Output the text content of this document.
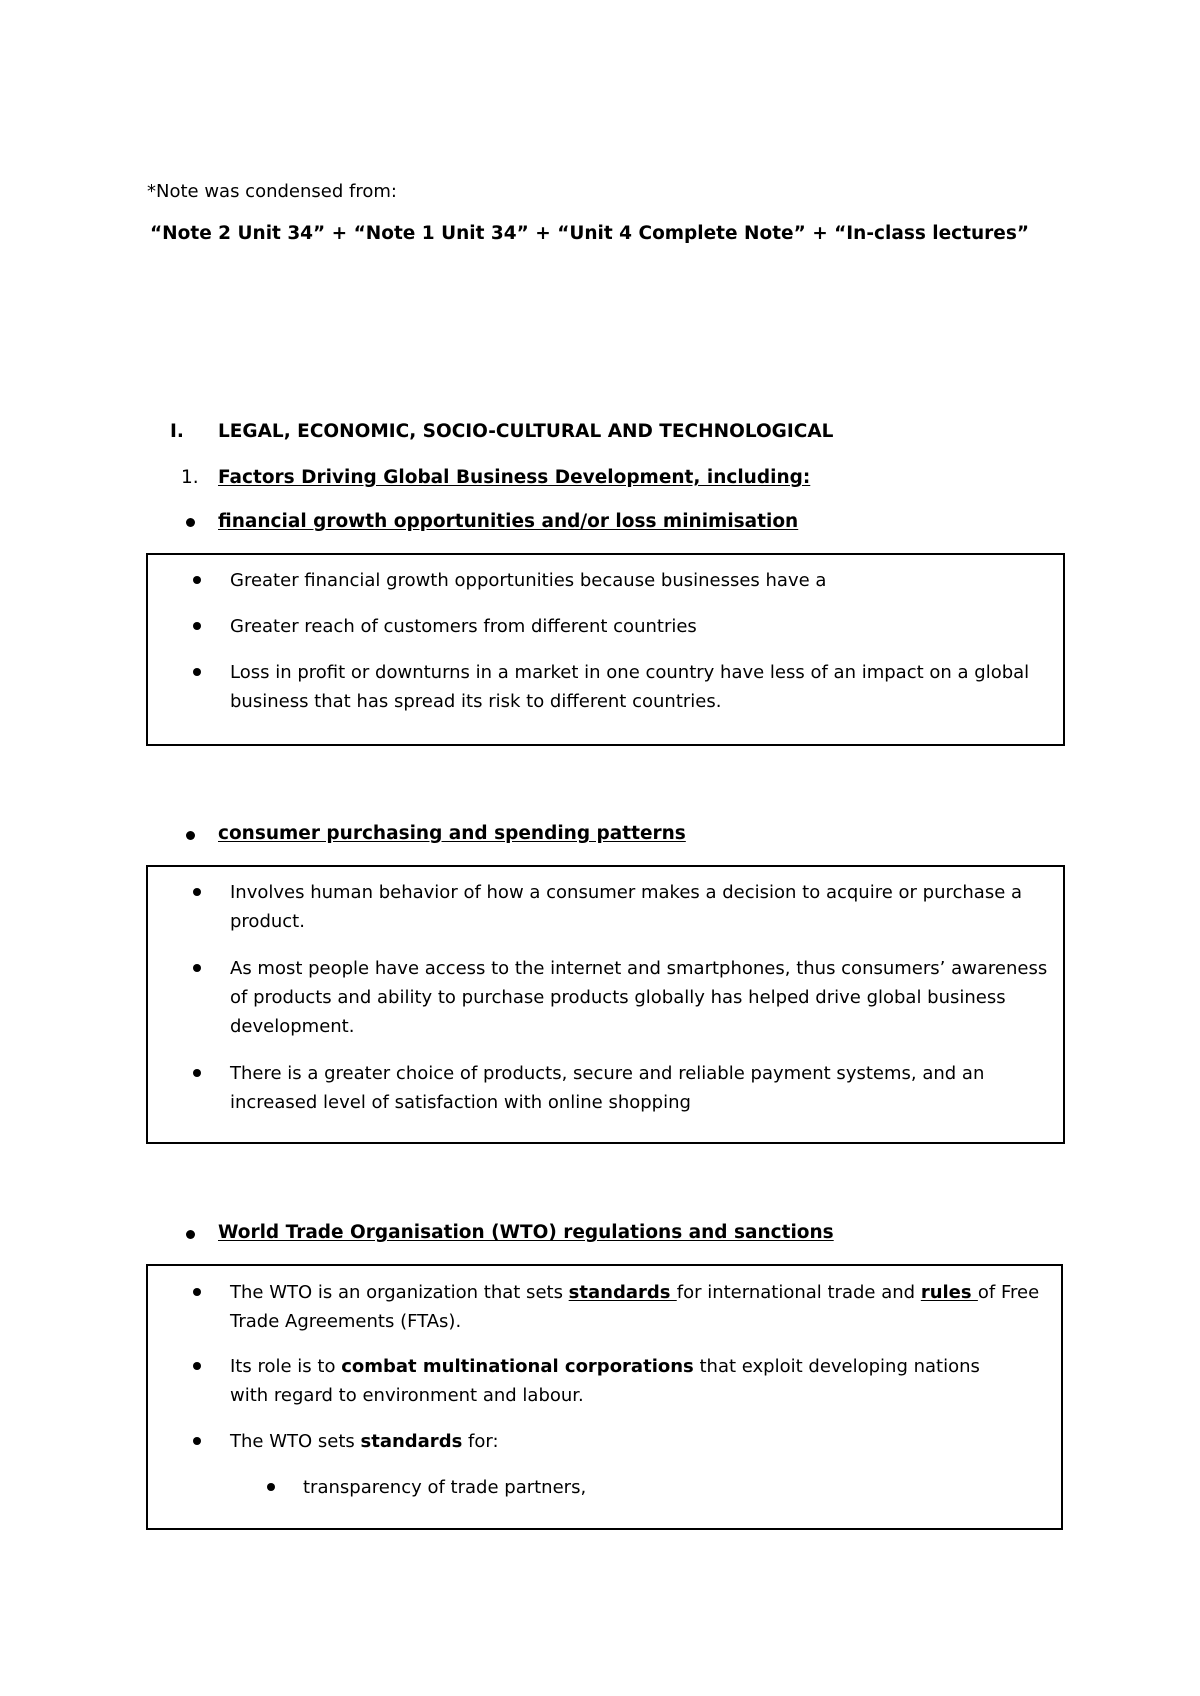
*Note was condensed from:
“Note 2 Unit 34” + “Note 1 Unit 34” + “Unit 4 Complete Note” + “In-class lectures”
I. LEGAL, ECONOMIC, SOCIO-CULTURAL AND TECHNOLOGICAL
1. Factors Driving Global Business Development, including:
financial growth opportunities and/or loss minimisation
Greater financial growth opportunities because businesses have a
Greater reach of customers from different countries
Loss in profit or downturns in a market in one country have less of an impact on a global business that has spread its risk to different countries.
consumer purchasing and spending patterns
Involves human behavior of how a consumer makes a decision to acquire or purchase a product.
As most people have access to the internet and smartphones, thus consumers’ awareness of products and ability to purchase products globally has helped drive global business development.
There is a greater choice of products, secure and reliable payment systems, and an increased level of satisfaction with online shopping
World Trade Organisation (WTO) regulations and sanctions
The WTO is an organization that sets standards for international trade and rules of Free Trade Agreements (FTAs).
Its role is to combat multinational corporations that exploit developing nations with regard to environment and labour.
The WTO sets standards for:
transparency of trade partners,
